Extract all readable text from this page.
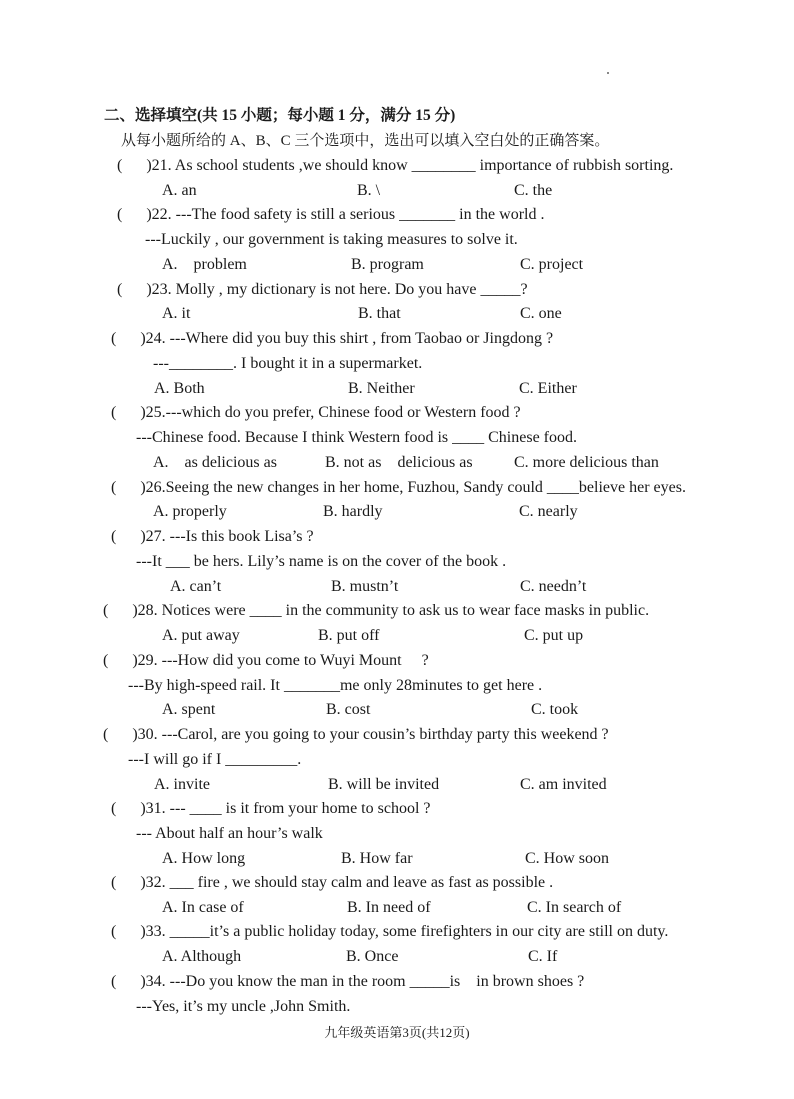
二、选择填空(共 15 小题；每小题 1 分，满分 15 分)
从每小题所给的 A、B、C 三个选项中，选出可以填入空白处的正确答案。
(      )21. As school students ,we should know ________ importance of rubbish sorting.
A. an	B. \	C. the
(      )22. ---The food safety is still a serious _______ in the world .
---Luckily , our government is taking measures to solve it.
A.    problem	B. program	C. project
(      )23. Molly , my dictionary is not here. Do you have _____?
A. it	B. that	C. one
(      )24. ---Where did you buy this shirt , from Taobao or Jingdong ?
---________. I bought it in a supermarket.
A. Both	B. Neither	C. Either
(      )25.---which do you prefer, Chinese food or Western food ?
---Chinese food. Because I think Western food is ____ Chinese food.
A.    as delicious as	B. not as    delicious as	C. more delicious than
(      )26.Seeing the new changes in her home, Fuzhou, Sandy could ____believe her eyes.
A. properly	B. hardly	C. nearly
(      )27. ---Is this book Lisa’s ?
---It ___ be hers. Lily’s name is on the cover of the book .
A. can’t	B. mustn’t	C. needn’t
(      )28. Notices were ____ in the community to ask us to wear face masks in public.
A. put away	B. put off	C. put up
(      )29. ---How did you come to Wuyi Mount     ?
---By high-speed rail. It _______me only 28minutes to get here .
A. spent	B. cost	C. took
(      )30. ---Carol, are you going to your cousin’s birthday party this weekend ?
---I will go if I _________.
A. invite	B. will be invited	C. am invited
(      )31. --- ____ is it from your home to school ?
--- About half an hour’s walk
A. How long	B. How far	C. How soon
(      )32. ___ fire , we should stay calm and leave as fast as possible .
A. In case of	B. In need of	C. In search of
(      )33. _____it’s a public holiday today, some firefighters in our city are still on duty.
A. Although	B. Once	C. If
(      )34. ---Do you know the man in the room _____is    in brown shoes ?
---Yes, it’s my uncle ,John Smith.
九年级英语第3页(共12页)
